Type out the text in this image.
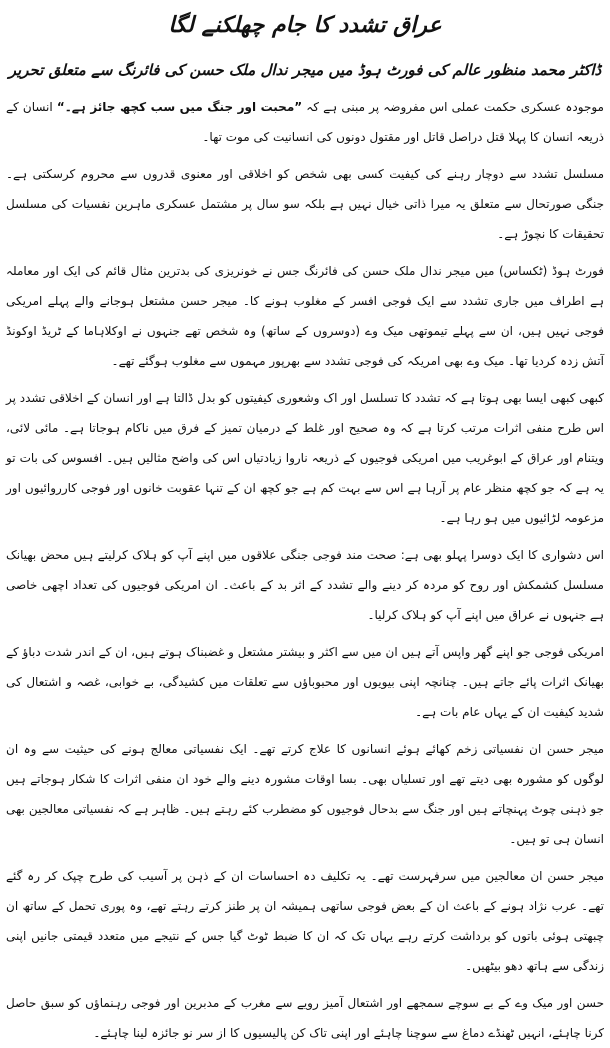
عراق تشدد کا جام چھلکنے لگا
ڈاکٹر محمد منظور عالم کی فورٹ ہوڈ میں میجر ندال ملک حسن کی فائرنگ سے متعلق تحریر

موجودہ عسکری حکمت عملی اس مفروضہ پر مبنی ہے کہ ”محبت اور جنگ میں سب کچھ جائز ہے۔“ انسان کے ذریعہ انسان کا پہلا قتل دراصل قاتل اور مقتول دونوں کی انسانیت کی موت تھا۔

مسلسل تشدد سے دوچار رہنے کی کیفیت کسی بھی شخص کو اخلاقی اور معنوی قدروں سے محروم کرسکتی ہے۔ جنگی صورتحال سے متعلق یہ میرا ذاتی خیال نہیں ہے بلکہ سو سال پر مشتمل عسکری ماہرین نفسیات کی مسلسل تحقیقات کا نچوڑ ہے۔

فورٹ ہوڈ (ٹکساس) میں میجر ندال ملک حسن کی فائرنگ جس نے خونریزی کی بدترین مثال قائم کی ایک اور معاملہ ہے اطراف میں جاری تشدد سے ایک فوجی افسر کے مغلوب ہونے کا۔ میجر حسن مشتعل ہوجانے والے پہلے امریکی فوجی نہیں ہیں، ان سے پہلے تیموتھی میک وے (دوسروں کے ساتھ) وہ شخص تھے جنہوں نے اوکلاہاما کے ٹریڈ اوکونڈ آتش زدہ کردیا تھا۔ میک وے بھی امریکہ کی فوجی تشدد سے بھرپور مہموں سے مغلوب ہوگئے تھے۔

کبھی کبھی ایسا بھی ہوتا ہے کہ تشدد کا تسلسل اور اک وشعوری کیفیتوں کو بدل ڈالتا ہے اور انسان کے اخلاقی تشدد پر اس طرح منفی اثرات مرتب کرتا ہے کہ وہ صحیح اور غلط کے درمیان تمیز کے فرق میں ناکام ہوجاتا ہے۔ مائی لائی، ویتنام اور عراق کے ابوغریب میں امریکی فوجیوں کے ذریعہ ناروا زیادتیاں اس کی واضح مثالیں ہیں۔ افسوس کی بات تو یہ ہے کہ جو کچھ منظر عام پر آرہا ہے اس سے بہت کم ہے جو کچھ ان کے تنہا عقوبت خانوں اور فوجی کارروائیوں اور مزعومہ لڑائیوں میں ہو رہا ہے۔

اس دشواری کا ایک دوسرا پہلو بھی ہے: صحت مند فوجی جنگی علاقوں میں اپنے آپ کو ہلاک کرلیتے ہیں محض بھیانک مسلسل کشمکش اور روح کو مردہ کر دینے والے تشدد کے اثر بد کے باعث۔ ان امریکی فوجیوں کی تعداد اچھی خاصی ہے جنہوں نے عراق میں اپنے آپ کو ہلاک کرلیا۔

امریکی فوجی جو اپنے گھر واپس آتے ہیں ان میں سے اکثر و بیشتر مشتعل و غضبناک ہوتے ہیں، ان کے اندر شدت دباؤ کے بھیانک اثرات پائے جاتے ہیں۔ چنانچہ اپنی بیویوں اور محبوباؤں سے تعلقات میں کشیدگی، بے خوابی، غصہ و اشتعال کی شدید کیفیت ان کے یہاں عام بات ہے۔

میجر حسن ان نفسیاتی زخم کھائے ہوئے انسانوں کا علاج کرتے تھے۔ ایک نفسیاتی معالج ہونے کی حیثیت سے وہ ان لوگوں کو مشورہ بھی دیتے تھے اور تسلیاں بھی۔ بسا اوقات مشورہ دینے والے خود ان منفی اثرات کا شکار ہوجاتے ہیں جو ذہنی چوٹ پہنچاتے ہیں اور جنگ سے بدحال فوجیوں کو مضطرب کئے رہتے ہیں۔ ظاہر ہے کہ نفسیاتی معالجین بھی انسان ہی تو ہیں۔

میجر حسن ان معالجین میں سرفہرست تھے۔ یہ تکلیف دہ احساسات ان کے ذہن پر آسیب کی طرح چپک کر رہ گئے تھے۔ عرب نژاد ہونے کے باعث ان کے بعض فوجی ساتھی ہمیشہ ان پر طنز کرتے رہتے تھے، وہ پوری تحمل کے ساتھ ان چبھتی ہوئی باتوں کو برداشت کرتے رہے یہاں تک کہ ان کا ضبط ٹوٹ گیا جس کے نتیجے میں متعدد قیمتی جانیں اپنی زندگی سے ہاتھ دھو بیٹھیں۔

حسن اور میک وے کے بے سوچے سمجھے اور اشتعال آمیز رویے سے مغرب کے مدبرین اور فوجی رہنماؤں کو سبق حاصل کرنا چاہئے، انہیں ٹھنڈے دماغ سے سوچنا چاہئے اور اپنی تاک کن پالیسیوں کا از سر نو جائزہ لینا چاہئے۔
